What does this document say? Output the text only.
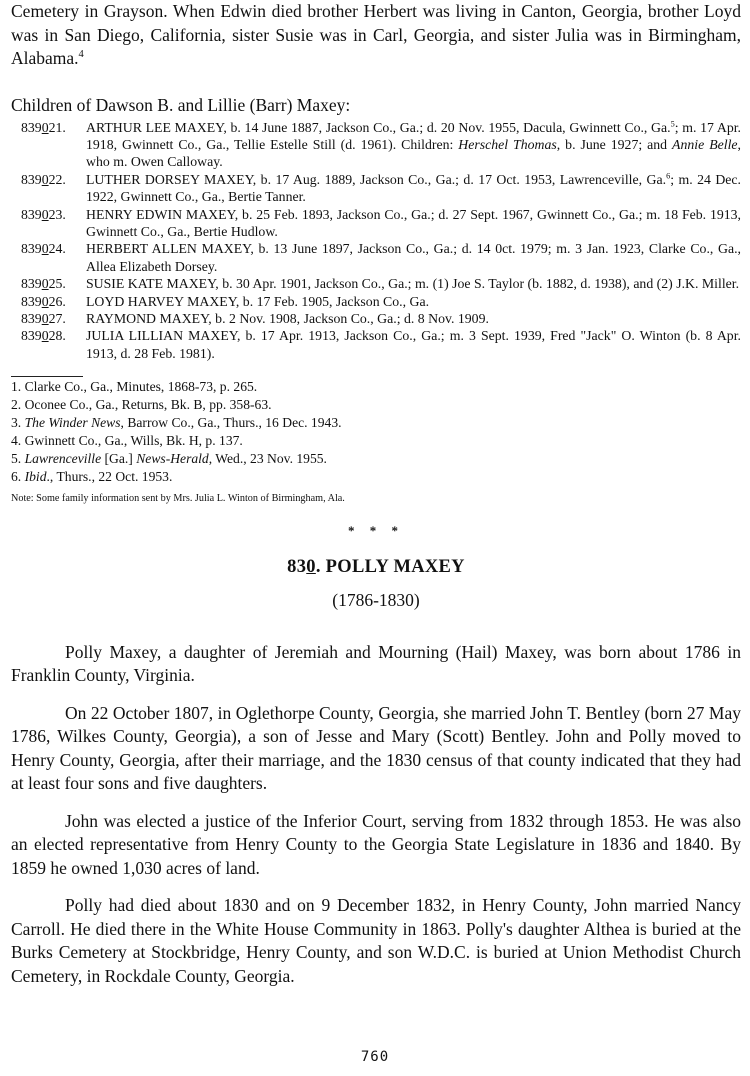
Cemetery in Grayson. When Edwin died brother Herbert was living in Canton, Georgia, brother Loyd was in San Diego, California, sister Susie was in Carl, Georgia, and sister Julia was in Birmingham, Alabama.$^4$

Children of Dawson B. and Lillie (Barr) Maxey:

839021. ARTHUR LEE MAXEY, b. 14 June 1887, Jackson Co., Ga.; d. 20 Nov. 1955, Dacula, Gwinnett Co., Ga.$^5$; m. 17 Apr. 1918, Gwinnett Co., Ga., Tellie Estelle Still (d. 1961). Children: Herschel Thomas, b. June 1927; and Annie Belle, who m. Owen Calloway.
839022. LUTHER DORSEY MAXEY, b. 17 Aug. 1889, Jackson Co., Ga.; d. 17 Oct. 1953, Lawrenceville, Ga.$^6$; m. 24 Dec. 1922, Gwinnett Co., Ga., Bertie Tanner.
839023. HENRY EDWIN MAXEY, b. 25 Feb. 1893, Jackson Co., Ga.; d. 27 Sept. 1967, Gwinnett Co., Ga.; m. 18 Feb. 1913, Gwinnett Co., Ga., Bertie Hudlow.
839024. HERBERT ALLEN MAXEY, b. 13 June 1897, Jackson Co., Ga.; d. 14 0ct. 1979; m. 3 Jan. 1923, Clarke Co., Ga., Allea Elizabeth Dorsey.
839025. SUSIE KATE MAXEY, b. 30 Apr. 1901, Jackson Co., Ga.; m. (1) Joe S. Taylor (b. 1882, d. 1938), and (2) J.K. Miller.
839026. LOYD HARVEY MAXEY, b. 17 Feb. 1905, Jackson Co., Ga.
839027. RAYMOND MAXEY, b. 2 Nov. 1908, Jackson Co., Ga.; d. 8 Nov. 1909.
839028. JULIA LILLIAN MAXEY, b. 17 Apr. 1913, Jackson Co., Ga.; m. 3 Sept. 1939, Fred "Jack" O. Winton (b. 8 Apr. 1913, d. 28 Feb. 1981).
1. Clarke Co., Ga., Minutes, 1868-73, p. 265.
2. Oconee Co., Ga., Returns, Bk. B, pp. 358-63.
3. The Winder News, Barrow Co., Ga., Thurs., 16 Dec. 1943.
4. Gwinnett Co., Ga., Wills, Bk. H, p. 137.
5. Lawrenceville [Ga.] News-Herald, Wed., 23 Nov. 1955.
6. Ibid., Thurs., 22 Oct. 1953.

Note: Some family information sent by Mrs. Julia L. Winton of Birmingham, Ala.

* * *
830. POLLY MAXEY
(1786-1830)

Polly Maxey, a daughter of Jeremiah and Mourning (Hail) Maxey, was born about 1786 in Franklin County, Virginia.

On 22 October 1807, in Oglethorpe County, Georgia, she married John T. Bentley (born 27 May 1786, Wilkes County, Georgia), a son of Jesse and Mary (Scott) Bentley. John and Polly moved to Henry County, Georgia, after their marriage, and the 1830 census of that county indicated that they had at least four sons and five daughters.

John was elected a justice of the Inferior Court, serving from 1832 through 1853. He was also an elected representative from Henry County to the Georgia State Legislature in 1836 and 1840. By 1859 he owned 1,030 acres of land.

Polly had died about 1830 and on 9 December 1832, in Henry County, John married Nancy Carroll. He died there in the White House Community in 1863. Polly's daughter Althea is buried at the Burks Cemetery at Stockbridge, Henry County, and son W.D.C. is buried at Union Methodist Church Cemetery, in Rockdale County, Georgia.

760
